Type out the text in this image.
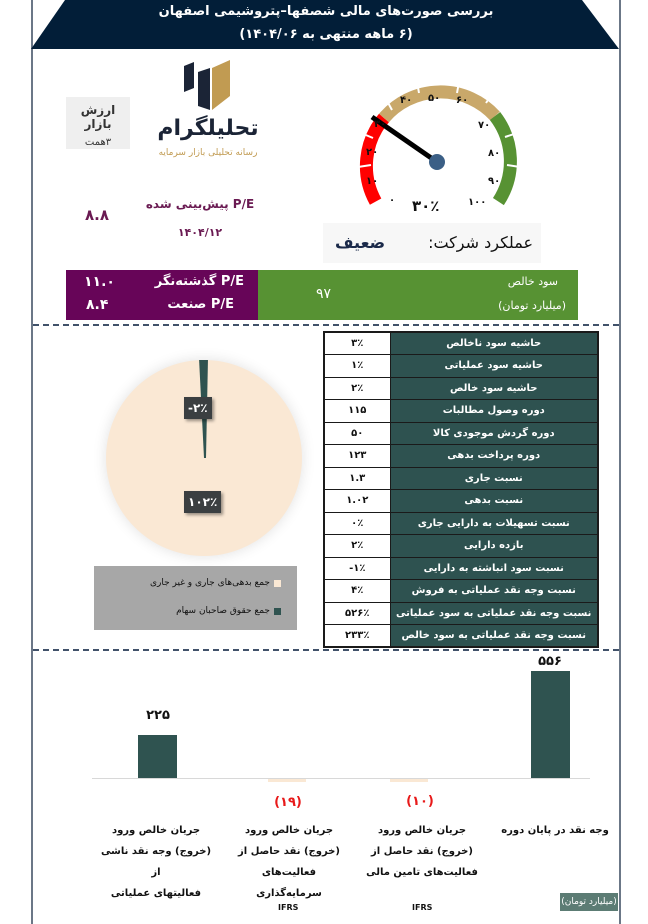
بررسی صورت‌های مالی شصفها–پتروشیمی اصفهان
(۶ ماهه منتهی به ۱۴۰۴/۰۶)
ارزش بازار
۳همت
تحلیلگرام
رسانه تحلیلی بازار سرمایه
۸.۸
P/E پیش‌بینی شده
۱۴۰۴/۱۲
۰
۱۰
۲۰
۳۰
۴۰ ۵۰ ۶۰
۷۰
۸۰
۹۰
۱۰۰
۳۰٪
عملکرد شرکت:
ضعیف
P/E گذشته‌نگر
۱۱.۰
P/E صنعت
۸.۴
سود خالص
(میلیارد تومان)
۹۷
-۲٪
۱۰۲٪
جمع بدهی‌های جاری و غیر جاری
جمع حقوق صاحبان سهام
۳٪	حاشیه سود ناخالص
۱٪	حاشیه سود عملیاتی
۲٪	حاشیه سود خالص
۱۱۵	دوره وصول مطالبات
۵۰	دوره گردش موجودی کالا
۱۲۳	دوره پرداخت بدهی
۱.۳	نسبت جاری
۱.۰۲	نسبت بدهی
۰٪	نسبت تسهیلات به دارایی جاری
۲٪	بازده دارایی
-۱٪	نسبت سود انباشته به دارایی
۴٪	نسبت وجه نقد عملیاتی به فروش
۵۲۶٪	نسبت وجه نقد عملیاتی به سود عملیاتی
۲۳۳٪	نسبت وجه نقد عملیاتی به سود خالص
۲۲۵
(۱۹)	(۱۰)
۵۵۶
جریان خالص ورود
(خروج) وجه نقد ناشی از
فعالیتهای عملیاتی
جریان خالص ورود
(خروج) نقد حاصل از
فعالیت‌های سرمایه‌گذاری
جریان خالص ورود
(خروج) نقد حاصل از
فعالیت‌های تامین مالی
وجه نقد در پایان دوره
IFRS	IFRS
(میلیارد تومان)
